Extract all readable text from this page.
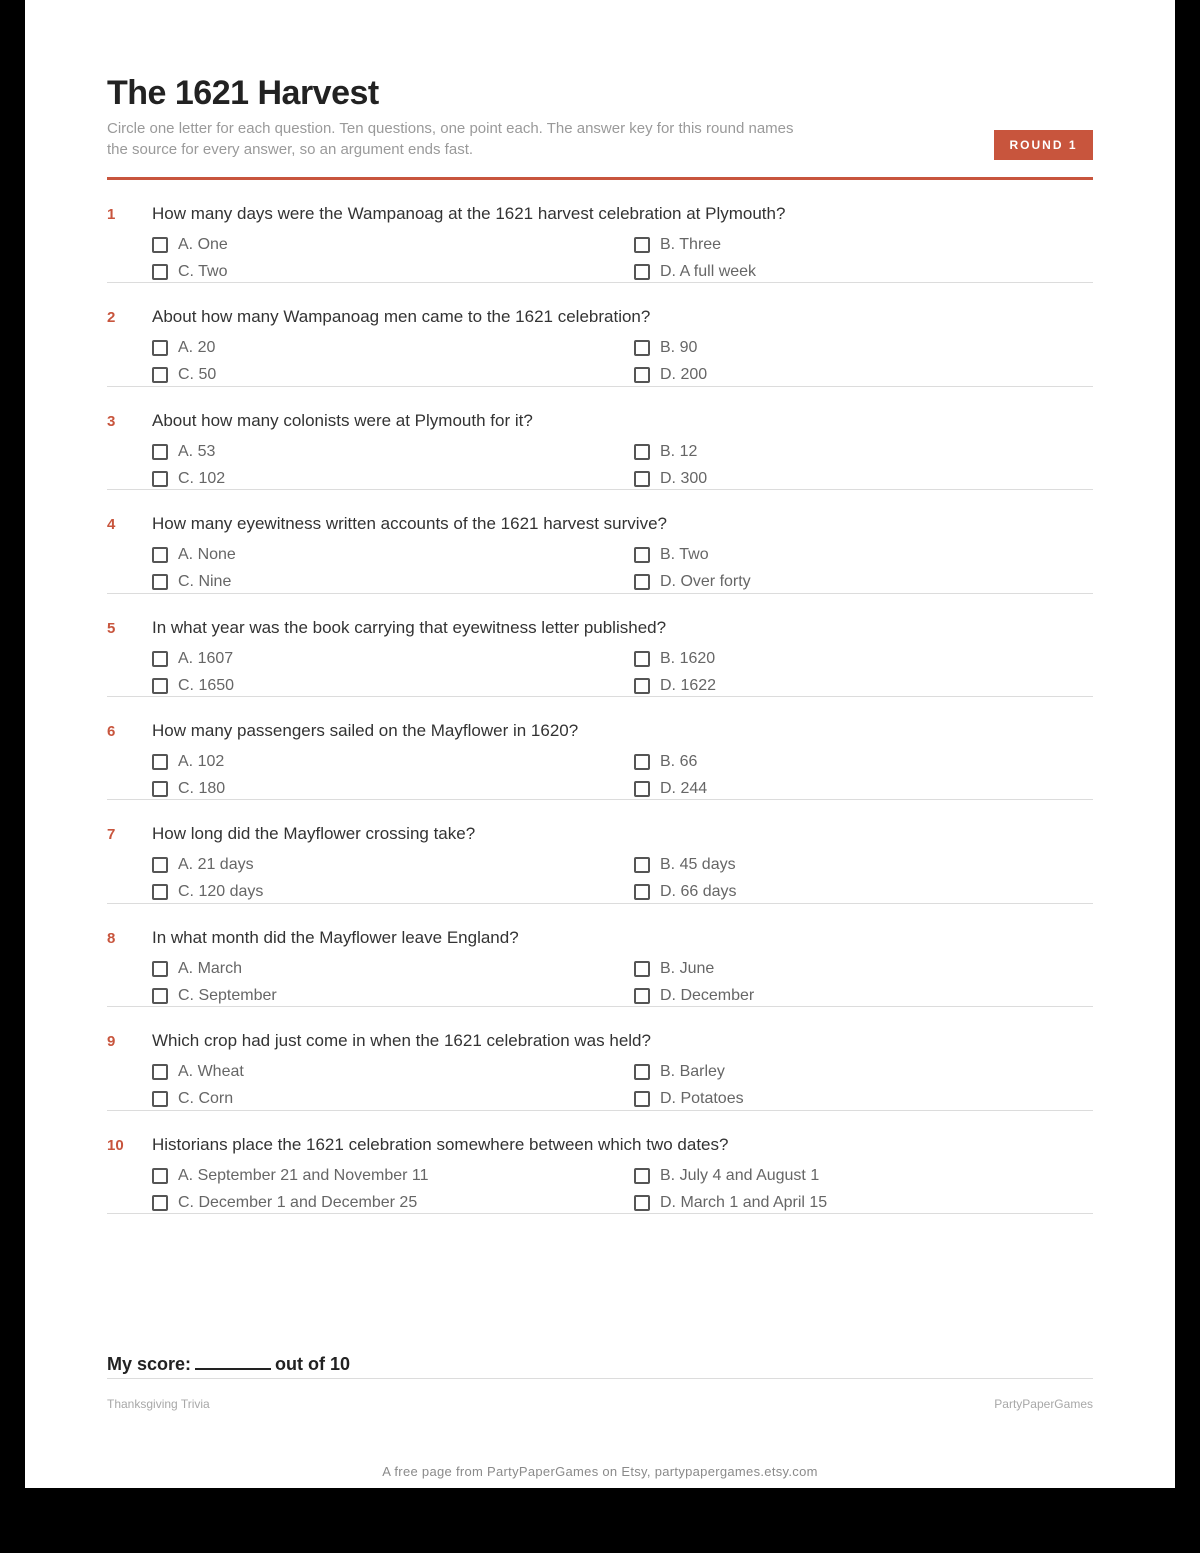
The 1621 Harvest

Circle one letter for each question. Ten questions, one point each. The answer key for this round names the source for every answer, so an argument ends fast.	ROUND 1
1 How many days were the Wampanoag at the 1621 harvest celebration at Plymouth?
A. One	B. Three
C. Two	D. A full week
2 About how many Wampanoag men came to the 1621 celebration?
A. 20	B. 90
C. 50	D. 200
3 About how many colonists were at Plymouth for it?
A. 53	B. 12
C. 102	D. 300
4 How many eyewitness written accounts of the 1621 harvest survive?
A. None	B. Two
C. Nine	D. Over forty
5 In what year was the book carrying that eyewitness letter published?
A. 1607	B. 1620
C. 1650	D. 1622
6 How many passengers sailed on the Mayflower in 1620?
A. 102	B. 66
C. 180	D. 244
7 How long did the Mayflower crossing take?
A. 21 days	B. 45 days
C. 120 days	D. 66 days
8 In what month did the Mayflower leave England?
A. March	B. June
C. September	D. December
9 Which crop had just come in when the 1621 celebration was held?
A. Wheat	B. Barley
C. Corn	D. Potatoes
10 Historians place the 1621 celebration somewhere between which two dates?
A. September 21 and November 11	B. July 4 and August 1
C. December 1 and December 25	D. March 1 and April 15
My score:	out of 10
Thanksgiving Trivia	PartyPaperGames
A free page from PartyPaperGames on Etsy, partypapergames.etsy.com
